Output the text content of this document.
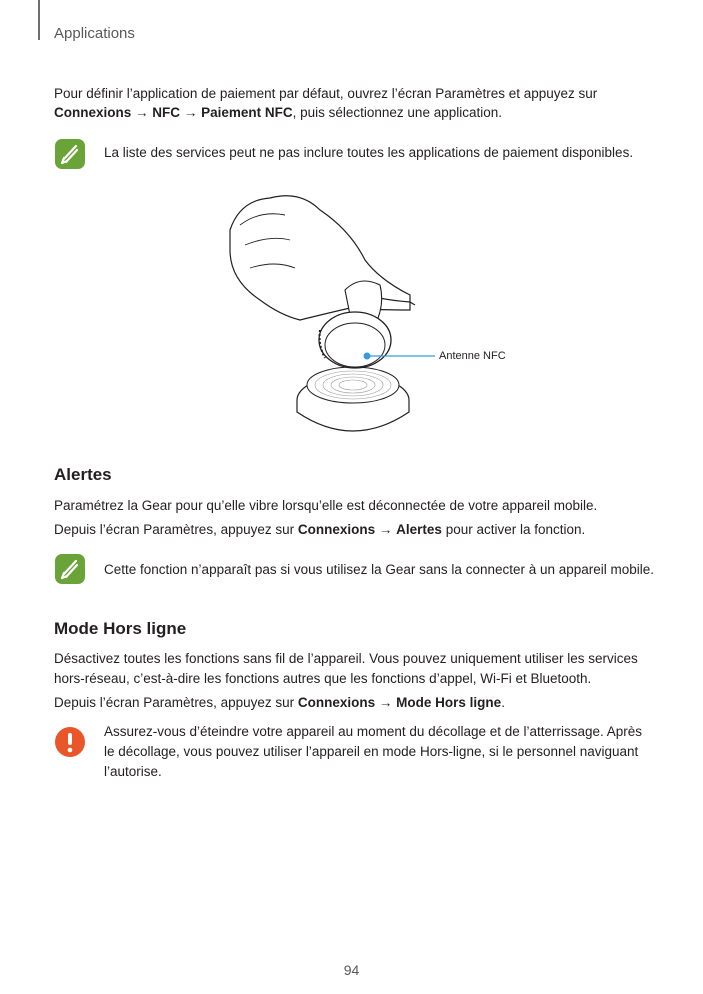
Applications
Pour définir l’application de paiement par défaut, ouvrez l’écran Paramètres et appuyez sur
Connexions → NFC → Paiement NFC, puis sélectionnez une application.
La liste des services peut ne pas inclure toutes les applications de paiement disponibles.
Antenne NFC
Alertes
Paramétrez la Gear pour qu’elle vibre lorsqu’elle est déconnectée de votre appareil mobile.
Depuis l’écran Paramètres, appuyez sur Connexions → Alertes pour activer la fonction.
Cette fonction n’apparaît pas si vous utilisez la Gear sans la connecter à un appareil mobile.
Mode Hors ligne
Désactivez toutes les fonctions sans fil de l’appareil. Vous pouvez uniquement utiliser les services
hors-réseau, c’est-à-dire les fonctions autres que les fonctions d’appel, Wi-Fi et Bluetooth.
Depuis l’écran Paramètres, appuyez sur Connexions → Mode Hors ligne.
Assurez-vous d’éteindre votre appareil au moment du décollage et de l’atterrissage. Après
le décollage, vous pouvez utiliser l’appareil en mode Hors-ligne, si le personnel naviguant
l’autorise.
94
